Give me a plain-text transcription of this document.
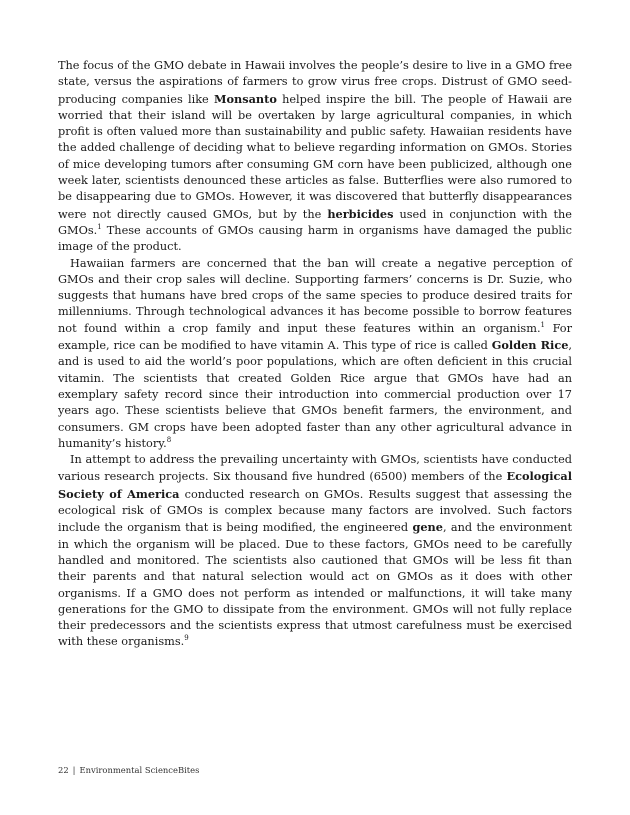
The focus of the GMO debate in Hawaii involves the people’s desire to live in a GMO free state, versus the aspirations of farmers to grow virus free crops. Distrust of GMO seed-producing companies like Monsanto helped inspire the bill. The people of Hawaii are worried that their island will be overtaken by large agricultural companies, in which profit is often valued more than sustainability and public safety. Hawaiian residents have the added challenge of deciding what to believe regarding information on GMOs. Stories of mice developing tumors after consuming GM corn have been publicized, although one week later, scientists denounced these articles as false. Butterflies were also rumored to be disappearing due to GMOs. However, it was discovered that butterfly disappearances were not directly caused GMOs, but by the herbicides used in conjunction with the GMOs.$^1$ These accounts of GMOs causing harm in organisms have damaged the public image of the product.

Hawaiian farmers are concerned that the ban will create a negative perception of GMOs and their crop sales will decline. Supporting farmers’ concerns is Dr. Suzie, who suggests that humans have bred crops of the same species to produce desired traits for millenniums. Through technological advances it has become possible to borrow features not found within a crop family and input these features within an organism.$^1$ For example, rice can be modified to have vitamin A. This type of rice is called Golden Rice, and is used to aid the world’s poor populations, which are often deficient in this crucial vitamin. The scientists that created Golden Rice argue that GMOs have had an exemplary safety record since their introduction into commercial production over 17 years ago. These scientists believe that GMOs benefit farmers, the environment, and consumers. GM crops have been adopted faster than any other agricultural advance in humanity’s history.$^8$

In attempt to address the prevailing uncertainty with GMOs, scientists have conducted various research projects. Six thousand five hundred (6500) members of the Ecological Society of America conducted research on GMOs. Results suggest that assessing the ecological risk of GMOs is complex because many factors are involved. Such factors include the organism that is being modified, the engineered gene, and the environment in which the organism will be placed. Due to these factors, GMOs need to be carefully handled and monitored. The scientists also cautioned that GMOs will be less fit than their parents and that natural selection would act on GMOs as it does with other organisms. If a GMO does not perform as intended or malfunctions, it will take many generations for the GMO to dissipate from the environment. GMOs will not fully replace their predecessors and the scientists express that utmost carefulness must be exercised with these organisms.$^9$

22 | Environmental ScienceBites
